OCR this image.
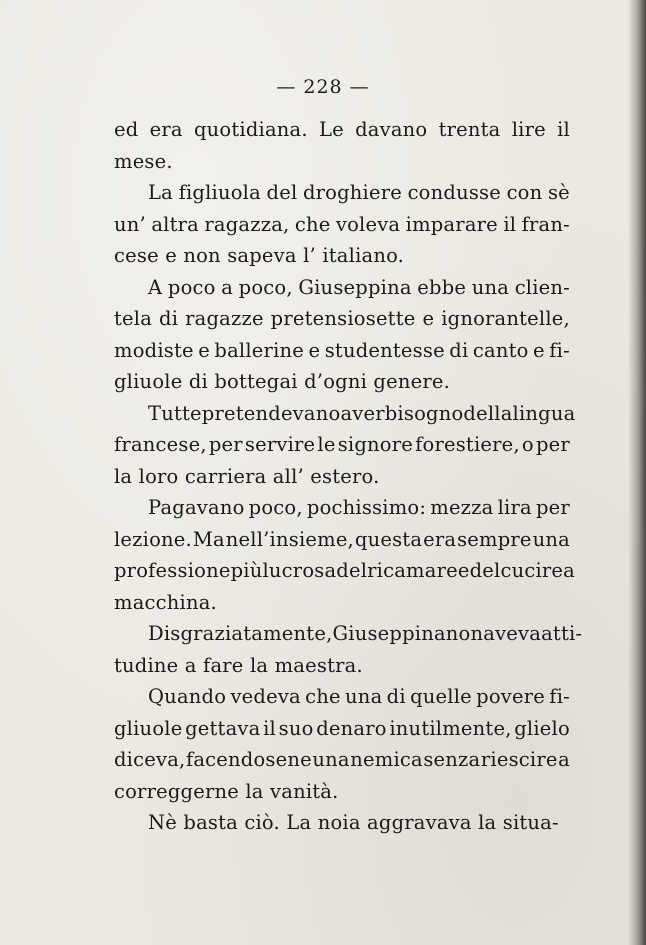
— 228 —
ed era quotidiana. Le davano trenta lire il
mese.
La figliuola del droghiere condusse con sè
un’ altra ragazza, che voleva imparare il fran-
cese e non sapeva l’ italiano.
A poco a poco, Giuseppina ebbe una clien-
tela di ragazze pretensiosette e ignorantelle,
modiste e ballerine e studentesse di canto e fi-
gliuole di bottegai d’ogni genere.
Tutte pretendevano aver bisogno della lingua
francese, per servire le signore forestiere, o per
la loro carriera all’ estero.
Pagavano poco, pochissimo: mezza lira per
lezione. Ma nell’insieme, questa era sempre una
professione più lucrosa del ricamare e del cucire a
macchina.
Disgraziatamente, Giuseppina non aveva atti-
tudine a fare la maestra.
Quando vedeva che una di quelle povere fi-
gliuole gettava il suo denaro inutilmente, glielo
diceva, facendosene una nemica senza riescire a
correggerne la vanità.
Nè basta ciò. La noia aggravava la situa-
